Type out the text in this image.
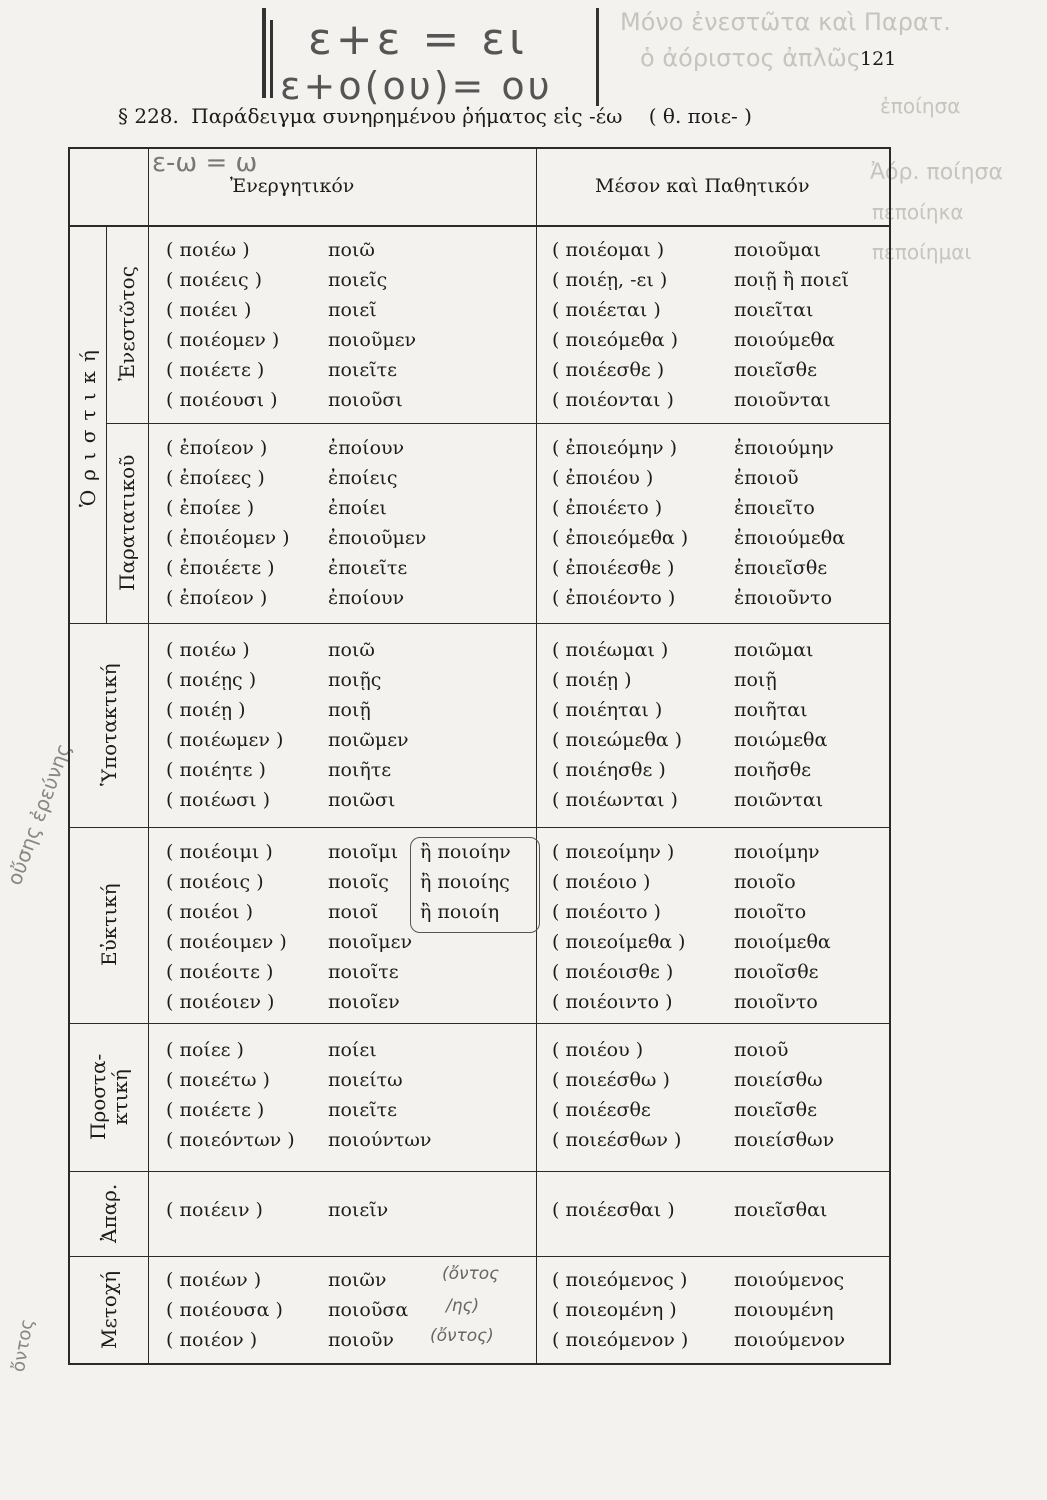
ε+ε = ει
ε+ο(ου)= ου
ε-ω = ω
Μόνο ἐνεστῶτα καὶ Παρατ.
ὁ ἀόριστος ἀπλῶς
ἐποίησα
Ἀόρ. ποίησα
πεποίηκα
πεποίημαι
οὔσης ἐρεύνης
ὄντος
121
§ 228. Παράδειγμα συνηρημένου ῥήματος εἰς -έω ( θ. ποιε- )
Ἐνεργητικόν	Μέσον καὶ Παθητικόν
Ὁριστική
Ἐνεστῶτος
Παρατατικοῦ
Ὑποτακτική
Εὐκτική
Προστα-
κτική
Ἀπαρ.
Μετοχή
( ποιέω )	ποιῶ	( ποιέομαι )	ποιοῦμαι
( ποιέεις )	ποιεῖς	( ποιέῃ, -ει )	ποιῇ ἢ ποιεῖ
( ποιέει )	ποιεῖ	( ποιέεται )	ποιεῖται
( ποιέομεν )	ποιοῦμεν	( ποιεόμεθα )	ποιούμεθα
( ποιέετε )	ποιεῖτε	( ποιέεσθε )	ποιεῖσθε
( ποιέουσι )	ποιοῦσι	( ποιέονται )	ποιοῦνται
( ἐποίεον )	ἐποίουν	( ἐποιεόμην )	ἐποιούμην
( ἐποίεες )	ἐποίεις	( ἐποιέου )	ἐποιοῦ
( ἐποίεε )	ἐποίει	( ἐποιέετο )	ἐποιεῖτο
( ἐποιέομεν ) ἐποιοῦμεν	( ἐποιεόμεθα ) ἐποιούμεθα
( ἐποιέετε )	ἐποιεῖτε	( ἐποιέεσθε )	ἐποιεῖσθε
( ἐποίεον )	ἐποίουν	( ἐποιέοντο )	ἐποιοῦντο
( ποιέω )	ποιῶ	( ποιέωμαι )	ποιῶμαι
( ποιέῃς )	ποιῇς	( ποιέῃ )	ποιῇ
( ποιέῃ )	ποιῇ	( ποιέηται )	ποιῆται
( ποιέωμεν ) ποιῶμεν	( ποιεώμεθα )	ποιώμεθα
( ποιέητε )	ποιῆτε	( ποιέησθε )	ποιῆσθε
( ποιέωσι )	ποιῶσι	( ποιέωνται )	ποιῶνται
( ποιέοιμι )	ποιοῖμι	( ποιεοίμην )	ποιοίμην
( ποιέοις )	ποιοῖς	( ποιέοιο )	ποιοῖο
( ποιέοι )	ποιοῖ	( ποιέοιτο )	ποιοῖτο
( ποιέοιμεν ) ποιοῖμεν	( ποιεοίμεθα )	ποιοίμεθα
( ποιέοιτε )	ποιοῖτε	( ποιέοισθε )	ποιοῖσθε
( ποιέοιεν )	ποιοῖεν	( ποιέοιντο )	ποιοῖντο
( ποίεε )	ποίει	( ποιέου )	ποιοῦ
( ποιεέτω )	ποιείτω	( ποιεέσθω )	ποιείσθω
( ποιέετε )	ποιεῖτε	( ποιέεσθε	ποιεῖσθε
( ποιεόντων ) ποιούντων	( ποιεέσθων )	ποιείσθων
( ποιέειν )	ποιεῖν	( ποιέεσθαι )	ποιεῖσθαι
( ποιέων )	ποιῶν	( ποιεόμενος ) ποιούμενος
( ποιέουσα ) ποιοῦσα	( ποιεομένη )	ποιουμένη
( ποιέον )	ποιοῦν	( ποιεόμενον ) ποιούμενον
ἢ ποιοίην
ἢ ποιοίης
ἢ ποιοίη
(ὄντος
/ης)
(ὄντος)
